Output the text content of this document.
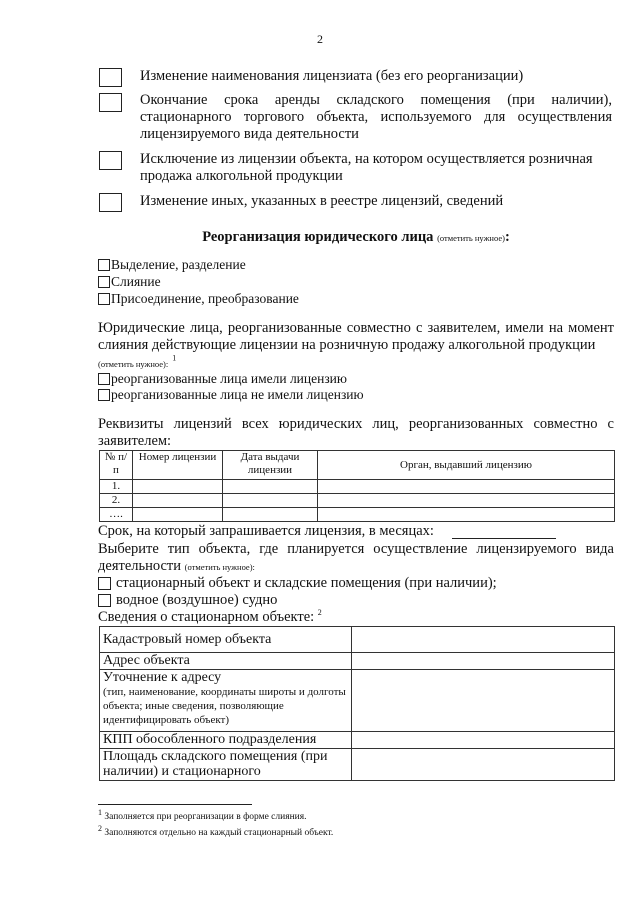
2
Изменение наименования лицензиата (без его реорганизации)
Окончание срока аренды складского помещения (при наличии), стационарного торгового объекта, используемого для осуществления лицензируемого вида деятельности
Исключение из лицензии объекта, на котором осуществляется розничная продажа алкогольной продукции
Изменение иных, указанных в реестре лицензий, сведений
Реорганизация юридического лица (отметить нужное):
Выделение, разделение
Слияние
Присоединение, преобразование
Юридические лица, реорганизованные совместно с заявителем, имели на момент слияния действующие лицензии на розничную продажу алкогольной продукции
(отметить нужное): $^1$
реорганизованные лица имели лицензию
реорганизованные лица не имели лицензию
Реквизиты лицензий всех юридических лиц, реорганизованных совместно с заявителем:
№ п/п	Номер лицензии	Дата выдачи лицензии	Орган, выдавший лицензию
1.			
2.			
….			
Срок, на который запрашивается лицензия, в месяцах:
Выберите тип объекта, где планируется осуществление лицензируемого вида деятельности (отметить нужное):
стационарный объект и складские помещения (при наличии);
водное (воздушное) судно
Сведения о стационарном объекте: $^2$
Кадастровый номер объекта	
Адрес объекта	

Уточнение к адресу
(тип, наименование, координаты широты и долготы объекта; иные сведения, позволяющие идентифицировать объект)	

КПП обособленного подразделения	
Площадь складского помещения (при наличии) и стационарного	
$^1$ Заполняется при реорганизации в форме слияния.
$^2$ Заполняются отдельно на каждый стационарный объект.
